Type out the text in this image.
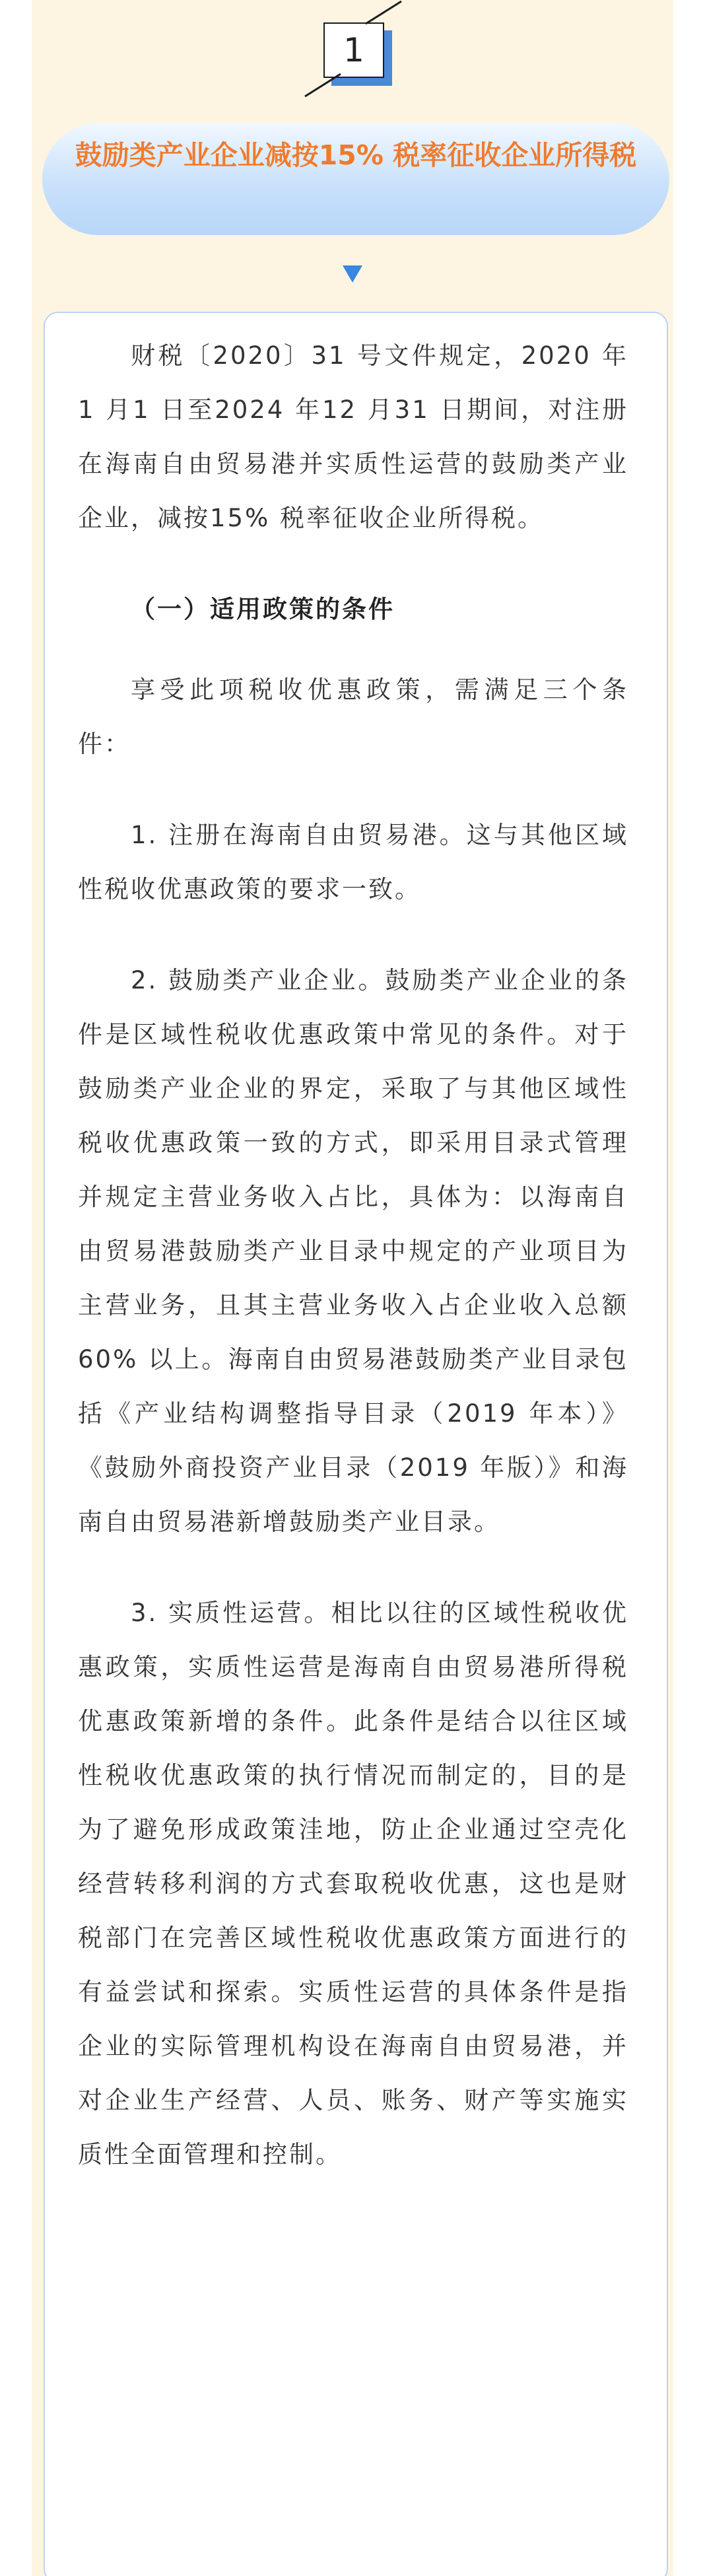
1

鼓励类产业企业减按15% 税率征收企业所得税

财税〔2020〕31 号文件规定，2020 年1 月1 日至2024 年12 月31 日期间，对注册在海南自由贸易港并实质性运营的鼓励类产业企业，减按15% 税率征收企业所得税。

（一）适用政策的条件

享受此项税收优惠政策，需满足三个条件：

1. 注册在海南自由贸易港。这与其他区域性税收优惠政策的要求一致。

2. 鼓励类产业企业。鼓励类产业企业的条件是区域性税收优惠政策中常见的条件。对于鼓励类产业企业的界定，采取了与其他区域性税收优惠政策一致的方式，即采用目录式管理并规定主营业务收入占比，具体为：以海南自由贸易港鼓励类产业目录中规定的产业项目为主营业务，且其主营业务收入占企业收入总额60% 以上。海南自由贸易港鼓励类产业目录包括《产业结构调整指导目录（2019 年本）》《鼓励外商投资产业目录（2019 年版）》和海南自由贸易港新增鼓励类产业目录。

3. 实质性运营。相比以往的区域性税收优惠政策，实质性运营是海南自由贸易港所得税优惠政策新增的条件。此条件是结合以往区域性税收优惠政策的执行情况而制定的，目的是为了避免形成政策洼地，防止企业通过空壳化经营转移利润的方式套取税收优惠，这也是财税部门在完善区域性税收优惠政策方面进行的有益尝试和探索。实质性运营的具体条件是指企业的实际管理机构设在海南自由贸易港，并对企业生产经营、人员、账务、财产等实施实质性全面管理和控制。
